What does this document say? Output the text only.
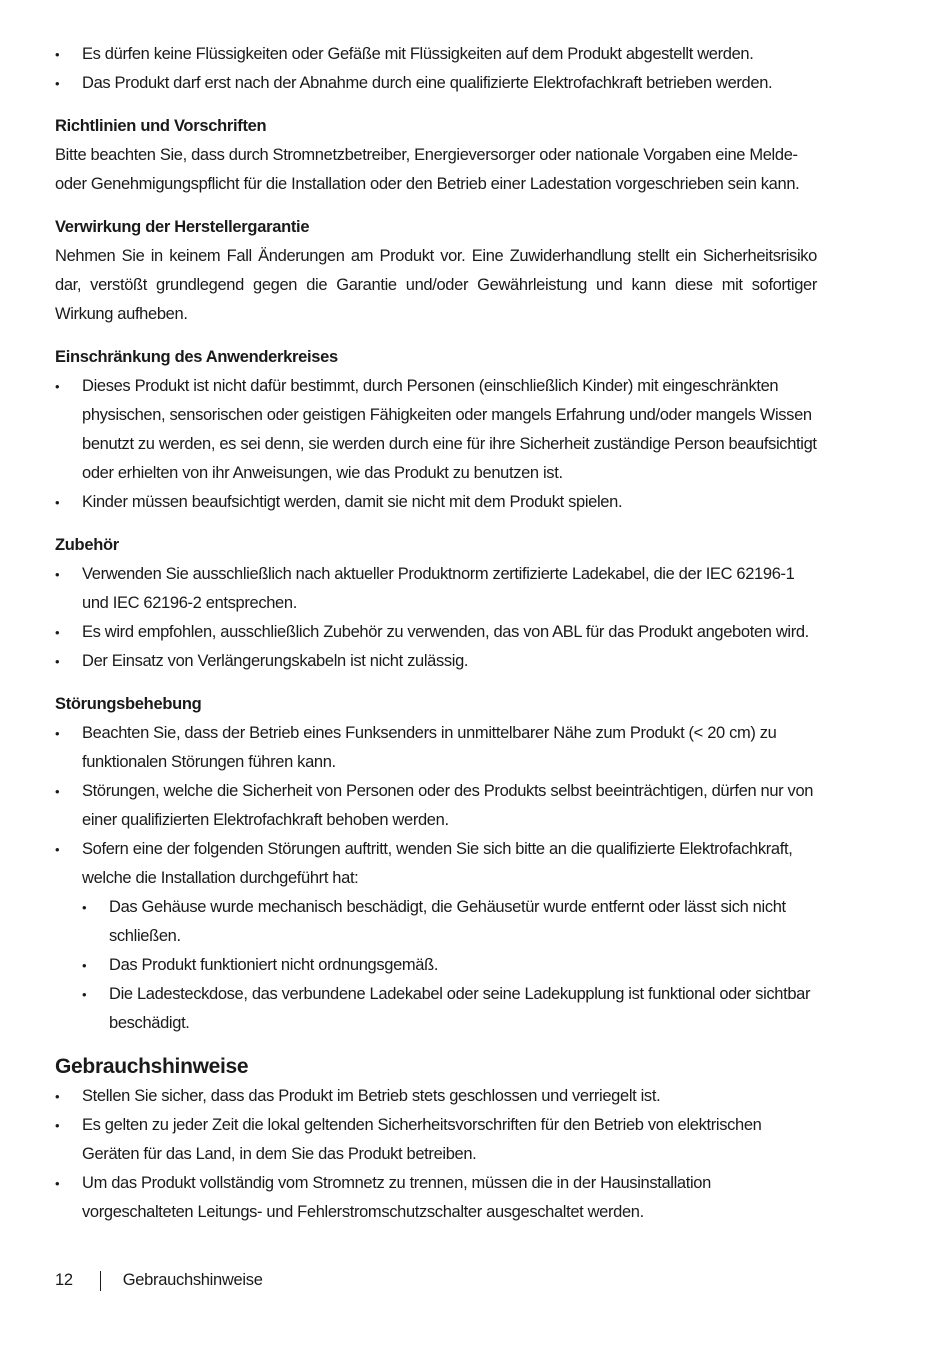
• Es dürfen keine Flüssigkeiten oder Gefäße mit Flüssigkeiten auf dem Produkt abgestellt werden.
• Das Produkt darf erst nach der Abnahme durch eine qualifizierte Elektrofachkraft betrieben werden.
Richtlinien und Vorschriften

Bitte beachten Sie, dass durch Stromnetzbetreiber, Energieversorger oder nationale Vorgaben eine Melde- oder Genehmigungspflicht für die Installation oder den Betrieb einer Ladestation vorgeschrieben sein kann.

Verwirkung der Herstellergarantie

Nehmen Sie in keinem Fall Änderungen am Produkt vor. Eine Zuwiderhandlung stellt ein Sicherheitsrisiko dar, verstößt grundlegend gegen die Garantie und/oder Gewährleistung und kann diese mit sofortiger Wirkung aufheben.

Einschränkung des Anwenderkreises
• Dieses Produkt ist nicht dafür bestimmt, durch Personen (einschließlich Kinder) mit eingeschränkten physischen, sensorischen oder geistigen Fähigkeiten oder mangels Erfahrung und/oder mangels Wissen benutzt zu werden, es sei denn, sie werden durch eine für ihre Sicherheit zuständige Person beaufsichtigt oder erhielten von ihr Anweisungen, wie das Produkt zu benutzen ist.
• Kinder müssen beaufsichtigt werden, damit sie nicht mit dem Produkt spielen.
Zubehör
• Verwenden Sie ausschließlich nach aktueller Produktnorm zertifizierte Ladekabel, die der IEC 62196-1 und IEC 62196-2 entsprechen.
• Es wird empfohlen, ausschließlich Zubehör zu verwenden, das von ABL für das Produkt angeboten wird.
• Der Einsatz von Verlängerungskabeln ist nicht zulässig.
Störungsbehebung
• Beachten Sie, dass der Betrieb eines Funksenders in unmittelbarer Nähe zum Produkt (< 20 cm) zu funktionalen Störungen führen kann.
• Störungen, welche die Sicherheit von Personen oder des Produkts selbst beeinträchtigen, dürfen nur von einer qualifizierten Elektrofachkraft behoben werden.
• Sofern eine der folgenden Störungen auftritt, wenden Sie sich bitte an die qualifizierte Elektrofachkraft, welche die Installation durchgeführt hat:
• Das Gehäuse wurde mechanisch beschädigt, die Gehäusetür wurde entfernt oder lässt sich nicht schließen.
• Das Produkt funktioniert nicht ordnungsgemäß.
• Die Ladesteckdose, das verbundene Ladekabel oder seine Ladekupplung ist funktional oder sichtbar beschädigt.
Gebrauchshinweise
• Stellen Sie sicher, dass das Produkt im Betrieb stets geschlossen und verriegelt ist.
• Es gelten zu jeder Zeit die lokal geltenden Sicherheitsvorschriften für den Betrieb von elektrischen Geräten für das Land, in dem Sie das Produkt betreiben.
• Um das Produkt vollständig vom Stromnetz zu trennen, müssen die in der Hausinstallation vorgeschalteten Leitungs- und Fehlerstromschutzschalter ausgeschaltet werden.
12	Gebrauchshinweise
